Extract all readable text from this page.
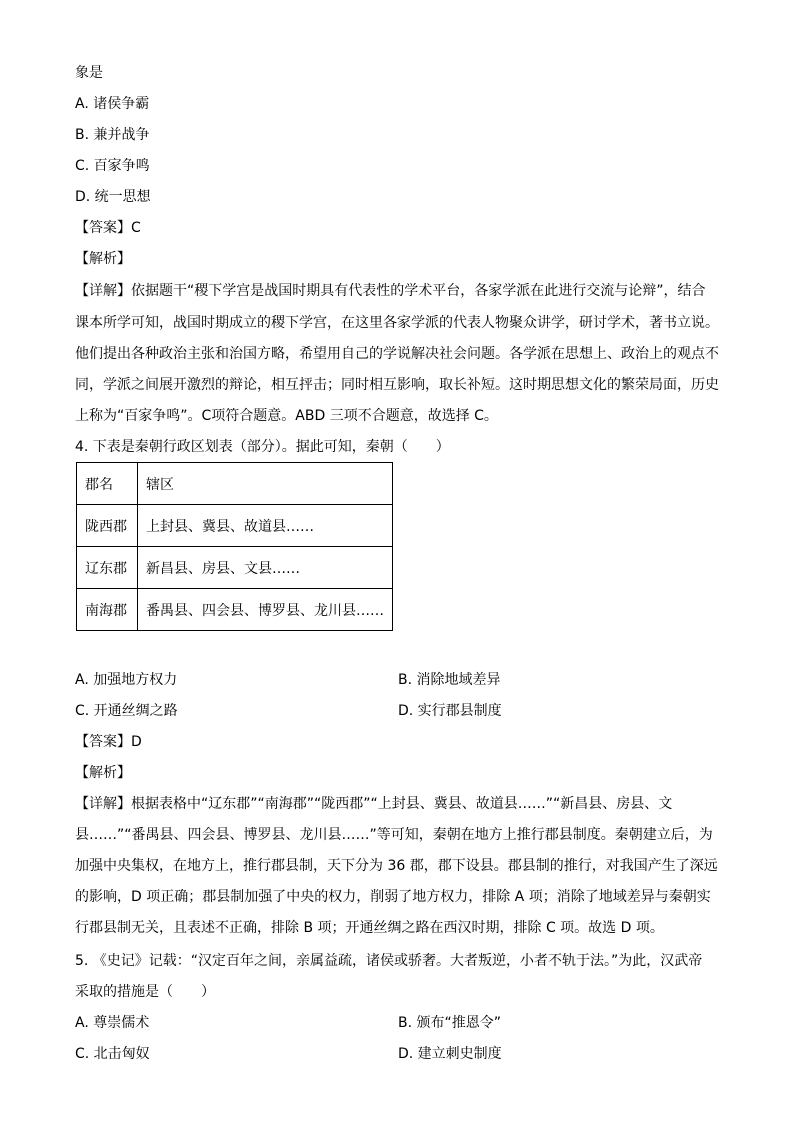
象是
A. 诸侯争霸
B. 兼并战争
C. 百家争鸣
D. 统一思想
【答案】C
【解析】
【详解】依据题干“稷下学宫是战国时期具有代表性的学术平台，各家学派在此进行交流与论辩”，结合
课本所学可知，战国时期成立的稷下学宫，在这里各家学派的代表人物聚众讲学，研讨学术，著书立说。
他们提出各种政治主张和治国方略，希望用自己的学说解决社会问题。各学派在思想上、政治上的观点不
同，学派之间展开激烈的辩论，相互抨击；同时相互影响，取长补短。这时期思想文化的繁荣局面，历史
上称为“百家争鸣”。C项符合题意。ABD 三项不合题意，故选择 C。
4. 下表是秦朝行政区划表（部分）。据此可知，秦朝（　　）
郡名	辖区
陇西郡	上封县、冀县、故道县……
辽东郡	新昌县、房县、文县……
南海郡	番禺县、四会县、博罗县、龙川县……
A. 加强地方权力	B. 消除地域差异
C. 开通丝绸之路	D. 实行郡县制度
【答案】D
【解析】
【详解】根据表格中“辽东郡”“南海郡”“陇西郡”“上封县、冀县、故道县……”“新昌县、房县、文
县……”“番禺县、四会县、博罗县、龙川县……”等可知，秦朝在地方上推行郡县制度。秦朝建立后，为
加强中央集权，在地方上，推行郡县制，天下分为 36 郡，郡下设县。郡县制的推行，对我国产生了深远
的影响，D 项正确；郡县制加强了中央的权力，削弱了地方权力，排除 A 项；消除了地域差异与秦朝实
行郡县制无关，且表述不正确，排除 B 项；开通丝绸之路在西汉时期，排除 C 项。故选 D 项。
5. 《史记》记载：“汉定百年之间，亲属益疏，诸侯或骄奢。大者叛逆，小者不轨于法。”为此，汉武帝
采取的措施是（　　）
A. 尊崇儒术	B. 颁布“推恩令”
C. 北击匈奴	D. 建立刺史制度
